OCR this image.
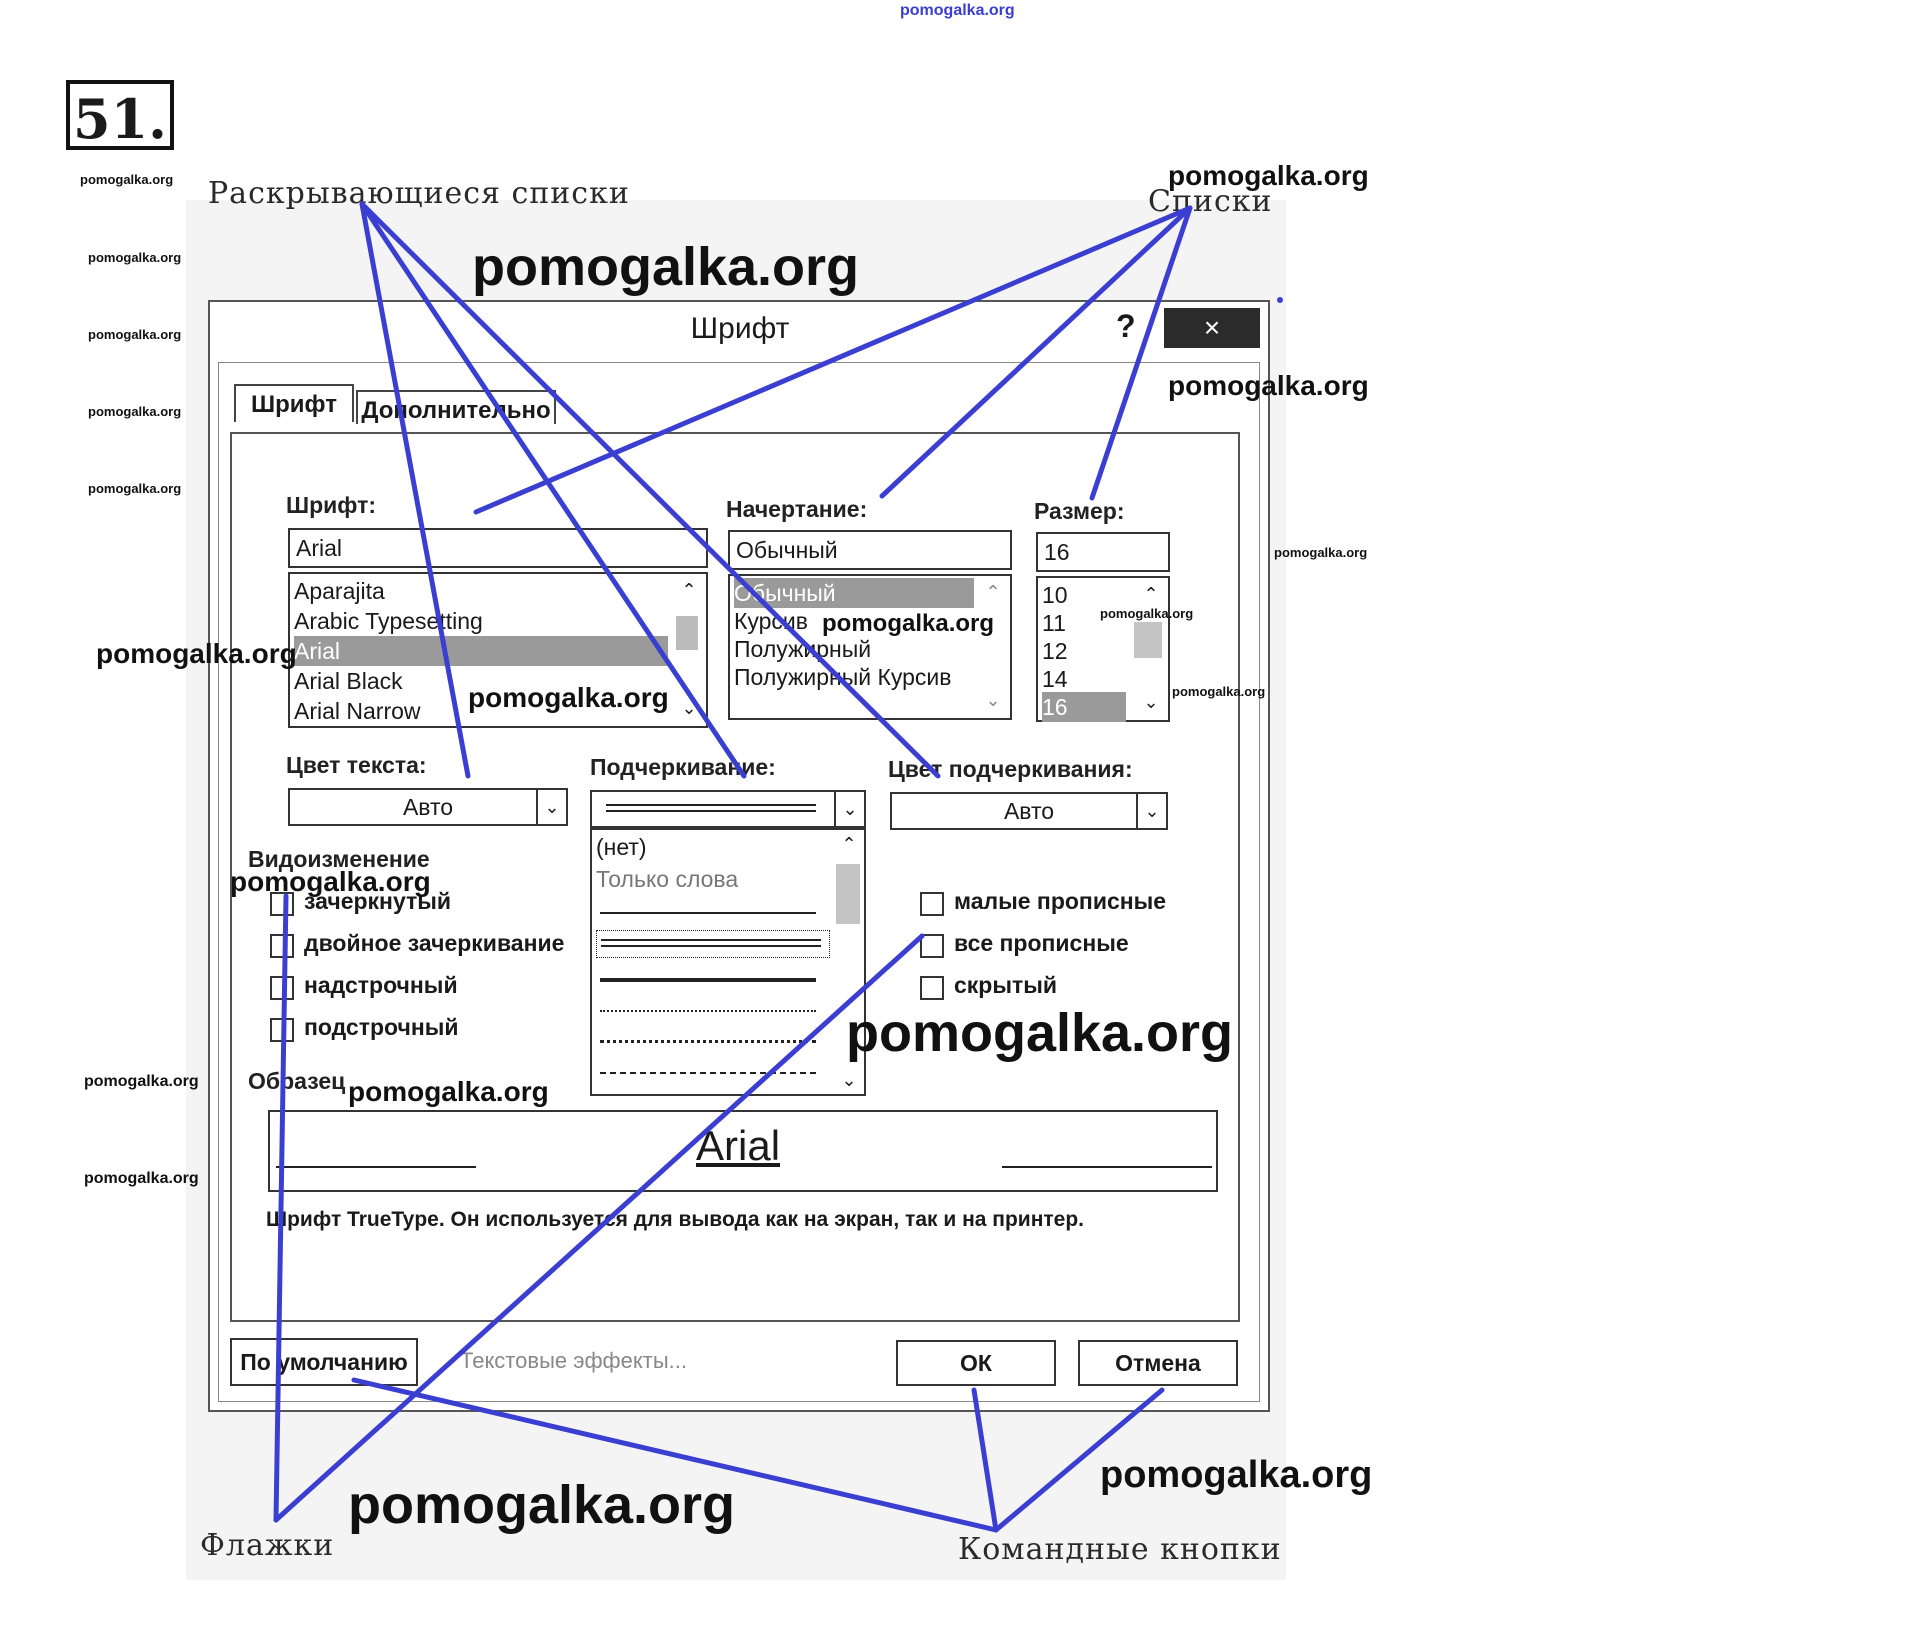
pomogalka.org
51.
Раскрывающиеся списки	Списки
Флажки	Командные кнопки
Шрифт	?	×
Шрифт	Дополнительно
Шрифт:
Arial
Aparajita
Arabic Typesetting
Arial
Arial Black
Arial Narrow
⌃
⌄
Начертание:
Обычный
Обычный
Курсив
Полужирный
Полужирный Курсив
⌃
⌄
Размер:
16
10
11
12
14
16
⌃
⌄
Цвет текста:
Авто	⌄
Подчеркивание:
⌄
(нет)
Только слова
⌃
⌄
Цвет подчеркивания:
Авто	⌄
Видоизменение
зачеркнутый
двойное зачеркивание
надстрочный
подстрочный
малые прописные
все прописные
скрытый
Образец
Arial
Шрифт TrueType. Он используется для вывода как на экран, так и на принтер.
По умолчанию	Текстовые эффекты...	ОК	Отмена
pomogalka.org
pomogalka.org
pomogalka.org
pomogalka.org
pomogalka.org
pomogalka.org
pomogalka.org
pomogalka.org
pomogalka.org
pomogalka.org
pomogalka.org
pomogalka.org
pomogalka.org
pomogalka.org
pomogalka.org
pomogalka.org
pomogalka.org	pomogalka.org
pomogalka.org
pomogalka.org
pomogalka.org
